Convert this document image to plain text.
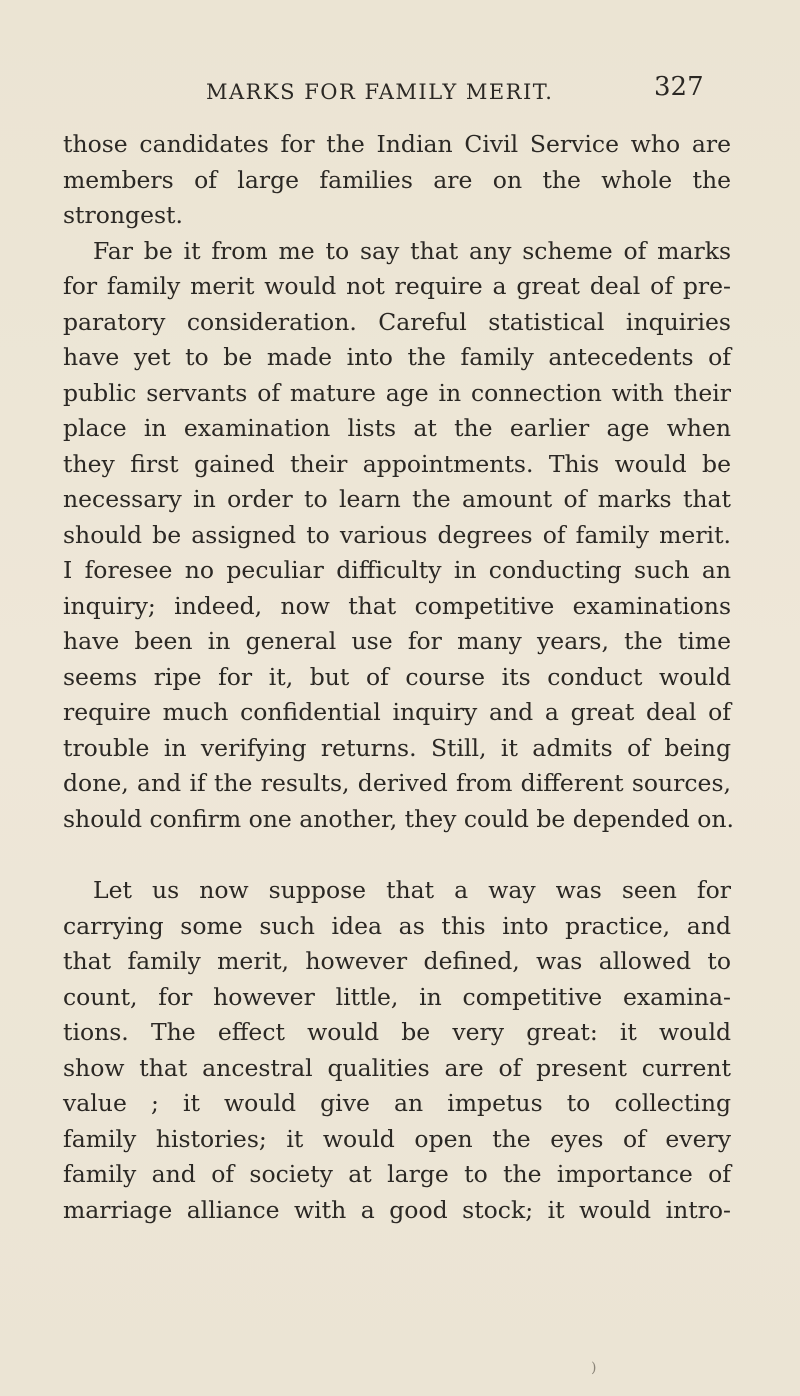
MARKS FOR FAMILY MERIT.	327
those candidates for the Indian Civil Service who are
members of large families are on the whole the
strongest.
Far be it from me to say that any scheme of marks
for family merit would not require a great deal of pre-
paratory consideration. Careful statistical inquiries
have yet to be made into the family antecedents of
public servants of mature age in connection with their
place in examination lists at the earlier age when
they first gained their appointments. This would be
necessary in order to learn the amount of marks that
should be assigned to various degrees of family merit.
I foresee no peculiar difficulty in conducting such an
inquiry; indeed, now that competitive examinations
have been in general use for many years, the time
seems ripe for it, but of course its conduct would
require much confidential inquiry and a great deal of
trouble in verifying returns. Still, it admits of being
done, and if the results, derived from different sources,
should confirm one another, they could be depended on.
Let us now suppose that a way was seen for
carrying some such idea as this into practice, and
that family merit, however defined, was allowed to
count, for however little, in competitive examina-
tions. The effect would be very great: it would
show that ancestral qualities are of present current
value ; it would give an impetus to collecting
family histories; it would open the eyes of every
family and of society at large to the importance of
marriage alliance with a good stock; it would intro-
)
